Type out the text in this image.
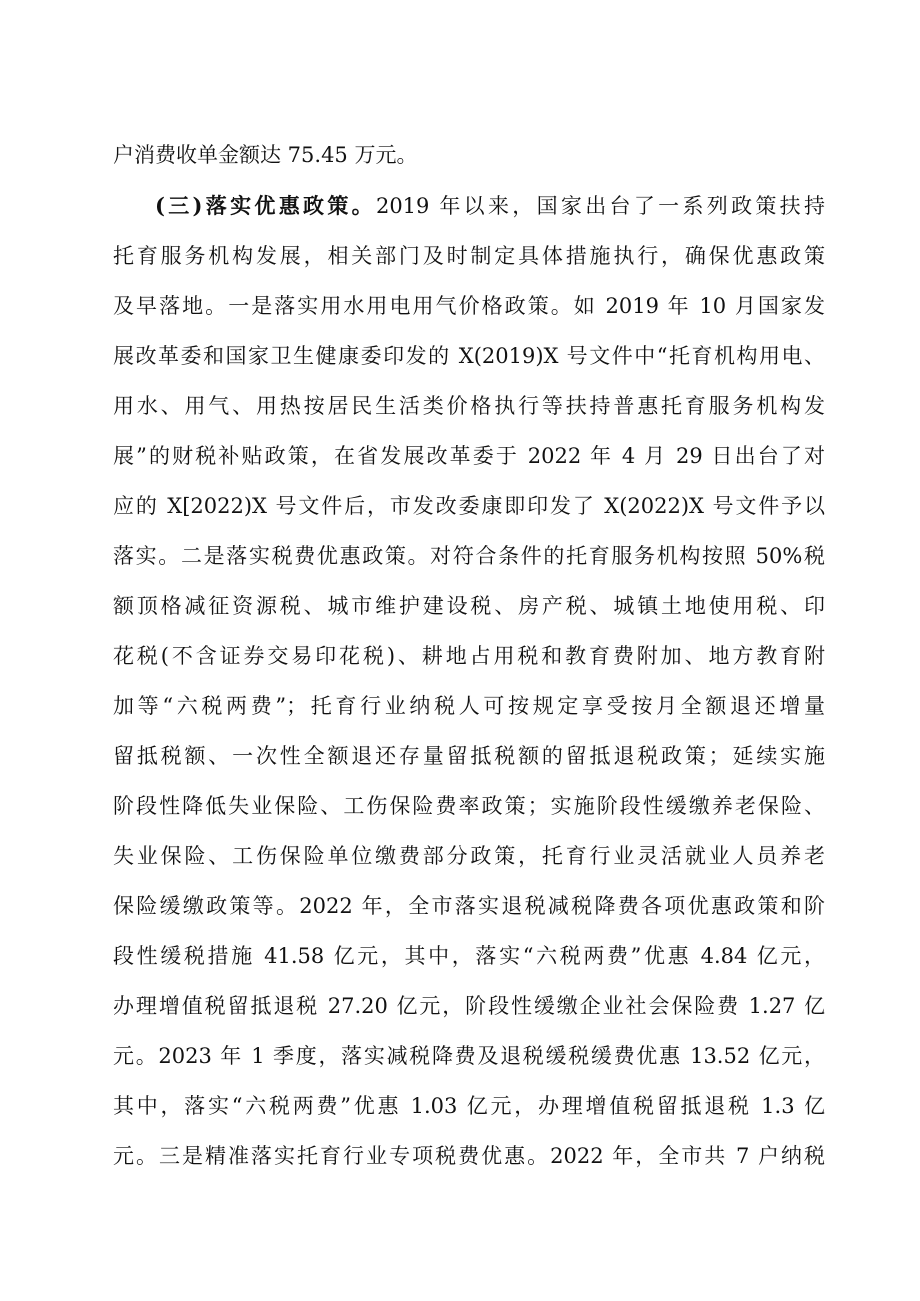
户消费收单金额达 75.45 万元。
(三)落实优惠政策。2019 年以来，国家出台了一系列政策扶持
托育服务机构发展，相关部门及时制定具体措施执行，确保优惠政策
及早落地。一是落实用水用电用气价格政策。如 2019 年 10 月国家发
展改革委和国家卫生健康委印发的 X(2019)X 号文件中“托育机构用电、
用水、用气、用热按居民生活类价格执行等扶持普惠托育服务机构发
展”的财税补贴政策，在省发展改革委于 2022 年 4 月 29 日出台了对
应的 X[2022)X 号文件后，市发改委康即印发了 X(2022)X 号文件予以
落实。二是落实税费优惠政策。对符合条件的托育服务机构按照 50%税
额顶格减征资源税、城市维护建设税、房产税、城镇土地使用税、印
花税(不含证券交易印花税)、耕地占用税和教育费附加、地方教育附
加等“六税两费”；托育行业纳税人可按规定享受按月全额退还增量
留抵税额、一次性全额退还存量留抵税额的留抵退税政策；延续实施
阶段性降低失业保险、工伤保险费率政策；实施阶段性缓缴养老保险、
失业保险、工伤保险单位缴费部分政策，托育行业灵活就业人员养老
保险缓缴政策等。2022 年，全市落实退税减税降费各项优惠政策和阶
段性缓税措施 41.58 亿元，其中，落实“六税两费”优惠 4.84 亿元，
办理增值税留抵退税 27.20 亿元，阶段性缓缴企业社会保险费 1.27 亿
元。2023 年 1 季度，落实减税降费及退税缓税缓费优惠 13.52 亿元，
其中，落实“六税两费”优惠 1.03 亿元，办理增值税留抵退税 1.3 亿
元。三是精准落实托育行业专项税费优惠。2022 年，全市共 7 户纳税
